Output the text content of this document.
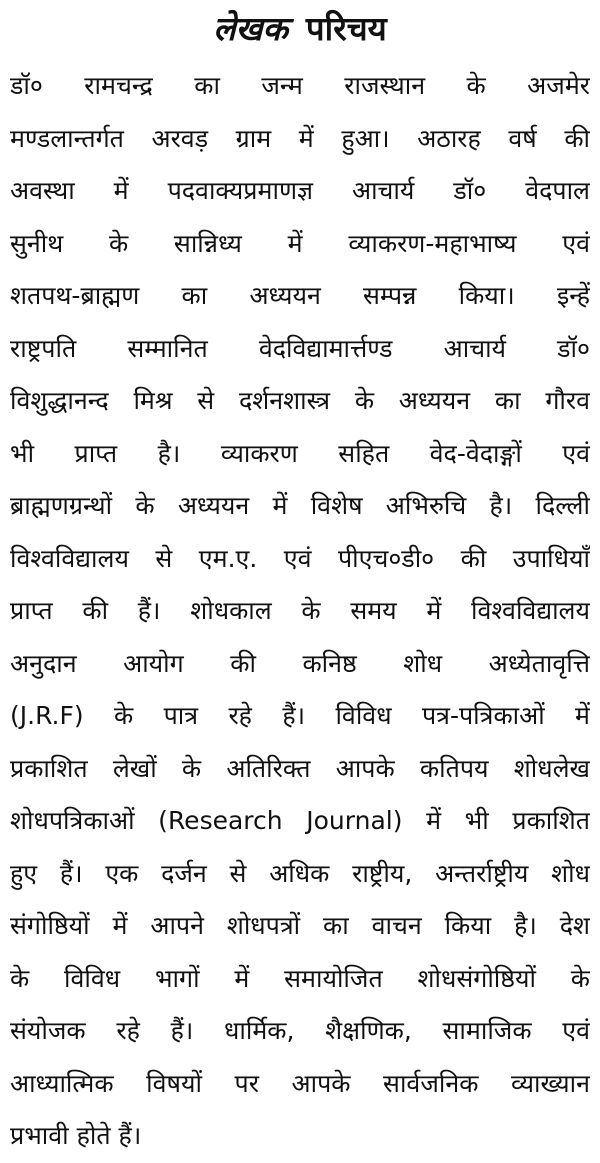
लेखक परिचय
डॉ० रामचन्द्र का जन्म राजस्थान के अजमेर
मण्डलान्तर्गत अरवड़ ग्राम में हुआ। अठारह वर्ष की
अवस्था में पदवाक्यप्रमाणज्ञ आचार्य डॉ० वेदपाल
सुनीथ के सान्निध्य में व्याकरण-महाभाष्य एवं
शतपथ-ब्राह्मण का अध्ययन सम्पन्न किया। इन्हें
राष्ट्रपति सम्मानित वेदविद्यामार्त्तण्ड आचार्य डॉ०
विशुद्धानन्द मिश्र से दर्शनशास्त्र के अध्ययन का गौरव
भी प्राप्त है। व्याकरण सहित वेद-वेदाङ्गों एवं
ब्राह्मणग्रन्थों के अध्ययन में विशेष अभिरुचि है। दिल्ली
विश्वविद्यालय से एम.ए. एवं पीएच०डी० की उपाधियाँ
प्राप्त की हैं। शोधकाल के समय में विश्वविद्यालय
अनुदान आयोग की कनिष्ठ शोध अध्येतावृत्ति
(J.R.F) के पात्र रहे हैं। विविध पत्र-पत्रिकाओं में
प्रकाशित लेखों के अतिरिक्त आपके कतिपय शोधलेख
शोधपत्रिकाओं (Research Journal) में भी प्रकाशित
हुए हैं। एक दर्जन से अधिक राष्ट्रीय, अन्तर्राष्ट्रीय शोध
संगोष्ठियों में आपने शोधपत्रों का वाचन किया है। देश
के विविध भागों में समायोजित शोधसंगोष्ठियों के
संयोजक रहे हैं। धार्मिक, शैक्षणिक, सामाजिक एवं
आध्यात्मिक विषयों पर आपके सार्वजनिक व्याख्यान
प्रभावी होते हैं।
